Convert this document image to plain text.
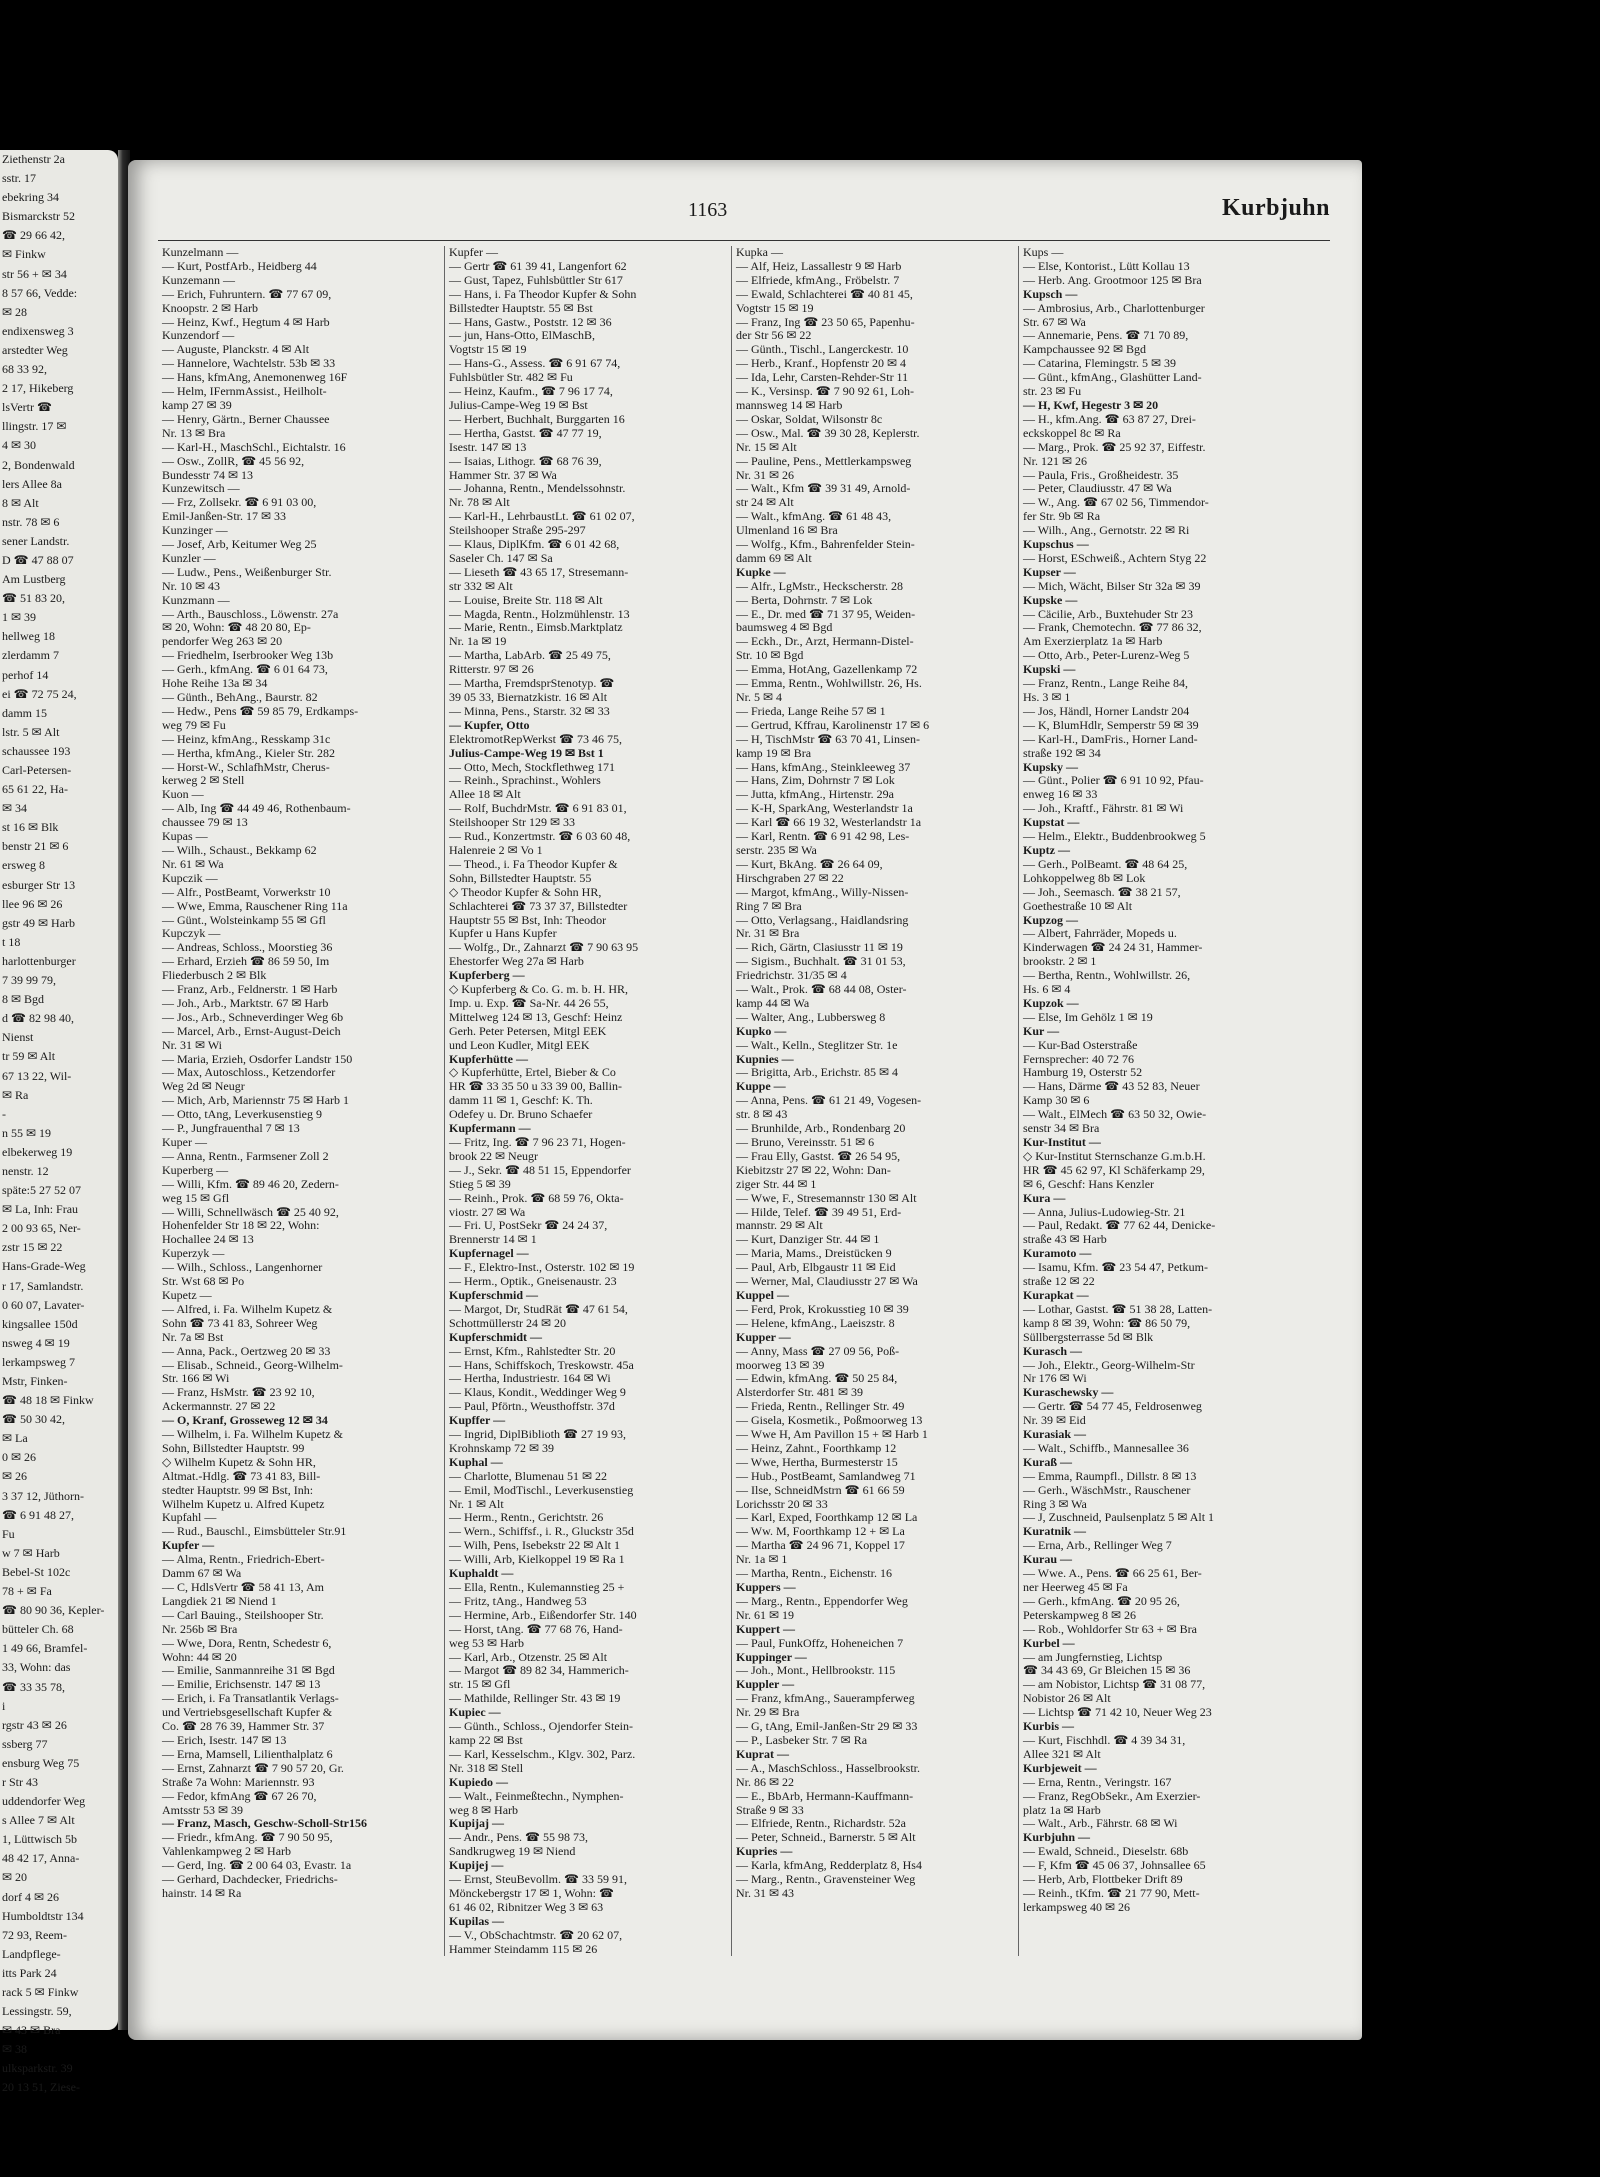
Ziethenstr 2a
sstr. 17
ebekring 34
Bismarckstr 52
☎ 29 66 42,
✉ Finkw
str 56 + ✉ 34
8 57 66, Vedde:
✉ 28
endixensweg 3
arstedter Weg
68 33 92,
2 17, Hikeberg
lsVertr ☎
llingstr. 17 ✉
4 ✉ 30
2, Bondenwald
lers Allee 8a
8 ✉ Alt
nstr. 78 ✉ 6
sener Landstr.
D ☎ 47 88 07
Am Lustberg
☎ 51 83 20,
1 ✉ 39
hellweg 18
zlerdamm 7
perhof 14
ei ☎ 72 75 24,
damm 15
lstr. 5 ✉ Alt
schaussee 193
Carl-Petersen-
65 61 22, Ha-
✉ 34
st 16 ✉ Blk
benstr 21 ✉ 6
ersweg 8
esburger Str 13
llee 96 ✉ 26
gstr 49 ✉ Harb
t 18
harlottenburger
7 39 99 79,
8 ✉ Bgd
d ☎ 82 98 40,
Nienst
tr 59 ✉ Alt
67 13 22, Wil-
✉ Ra
-
n 55 ✉ 19
elbekerweg 19
nenstr. 12
späte:5 27 52 07
✉ La, Inh: Frau
2 00 93 65, Ner-
zstr 15 ✉ 22
Hans-Grade-Weg
r 17, Samlandstr.
0 60 07, Lavater-
kingsallee 150d
nsweg 4 ✉ 19
lerkampsweg 7
Mstr, Finken-
☎ 48 18 ✉ Finkw
☎ 50 30 42,
✉ La
0 ✉ 26
✉ 26
3 37 12, Jüthorn-
☎ 6 91 48 27,
Fu
w 7 ✉ Harb
Bebel-St 102c
78 + ✉ Fa
☎ 80 90 36, Kepler-
bütteler Ch. 68
1 49 66, Bramfel-
33, Wohn: das
☎ 33 35 78,
i
rgstr 43 ✉ 26
ssberg 77
ensburg Weg 75
r Str 43
uddendorfer Weg
s Allee 7 ✉ Alt
1, Lüttwisch 5b
48 42 17, Anna-
✉ 20
dorf 4 ✉ 26
Humboldtstr 134
72 93, Reem-
Landpflege-
itts Park 24
rack 5 ✉ Finkw
Lessingstr. 59,
✉ 43 ✉ Bra
✉ 38
ulksparkstr. 39
20 13 51, Ziese-
1163	Kurbjuhn
Kunzelmann —
— Kurt, PostfArb., Heidberg 44
Kunzemann —
— Erich, Fuhruntern. ☎ 77 67 09,
Knoopstr. 2 ✉ Harb
— Heinz, Kwf., Hegtum 4 ✉ Harb
Kunzendorf —
— Auguste, Planckstr. 4 ✉ Alt
— Hannelore, Wachtelstr. 53b ✉ 33
— Hans, kfmAng, Anemonenweg 16F
— Helm, IFernmAssist., Heilholt-
kamp 27 ✉ 39
— Henry, Gärtn., Berner Chaussee
Nr. 13 ✉ Bra
— Karl-H., MaschSchl., Eichtalstr. 16
— Osw., ZollR, ☎ 45 56 92,
Bundesstr 74 ✉ 13
Kunzewitsch —
— Frz, Zollsekr. ☎ 6 91 03 00,
Emil-Janßen-Str. 17 ✉ 33
Kunzinger —
— Josef, Arb, Keitumer Weg 25
Kunzler —
— Ludw., Pens., Weißenburger Str.
Nr. 10 ✉ 43
Kunzmann —
— Arth., Bauschloss., Löwenstr. 27a
✉ 20, Wohn: ☎ 48 20 80, Ep-
pendorfer Weg 263 ✉ 20
— Friedhelm, Iserbrooker Weg 13b
— Gerh., kfmAng. ☎ 6 01 64 73,
Hohe Reihe 13a ✉ 34
— Günth., BehAng., Baurstr. 82
— Hedw., Pens ☎ 59 85 79, Erdkamps-
weg 79 ✉ Fu
— Heinz, kfmAng., Resskamp 31c
— Hertha, kfmAng., Kieler Str. 282
— Horst-W., SchlafhMstr, Cherus-
kerweg 2 ✉ Stell
Kuon —
— Alb, Ing ☎ 44 49 46, Rothenbaum-
chaussee 79 ✉ 13
Kupas —
— Wilh., Schaust., Bekkamp 62
Nr. 61 ✉ Wa
Kupczik —
— Alfr., PostBeamt, Vorwerkstr 10
— Wwe, Emma, Rauschener Ring 11a
— Günt., Wolsteinkamp 55 ✉ Gfl
Kupczyk —
— Andreas, Schloss., Moorstieg 36
— Erhard, Erzieh ☎ 86 59 50, Im
Fliederbusch 2 ✉ Blk
— Franz, Arb., Feldnerstr. 1 ✉ Harb
— Joh., Arb., Marktstr. 67 ✉ Harb
— Jos., Arb., Schneverdinger Weg 6b
— Marcel, Arb., Ernst-August-Deich
Nr. 31 ✉ Wi
— Maria, Erzieh, Osdorfer Landstr 150
— Max, Autoschloss., Ketzendorfer
Weg 2d ✉ Neugr
— Mich, Arb, Mariennstr 75 ✉ Harb 1
— Otto, tAng, Leverkusenstieg 9
— P., Jungfrauenthal 7 ✉ 13
Kuper —
— Anna, Rentn., Farmsener Zoll 2
Kuperberg —
— Willi, Kfm. ☎ 89 46 20, Zedern-
weg 15 ✉ Gfl
— Willi, Schnellwäsch ☎ 25 40 92,
Hohenfelder Str 18 ✉ 22, Wohn:
Hochallee 24 ✉ 13
Kuperzyk —
— Wilh., Schloss., Langenhorner
Str. Wst 68 ✉ Po
Kupetz —
— Alfred, i. Fa. Wilhelm Kupetz &
Sohn ☎ 73 41 83, Sohreer Weg
Nr. 7a ✉ Bst
— Anna, Pack., Oertzweg 20 ✉ 33
— Elisab., Schneid., Georg-Wilhelm-
Str. 166 ✉ Wi
— Franz, HsMstr. ☎ 23 92 10,
Ackermannstr. 27 ✉ 22
— O, Kranf, Grosseweg 12 ✉ 34
— Wilhelm, i. Fa. Wilhelm Kupetz &
Sohn, Billstedter Hauptstr. 99
◇ Wilhelm Kupetz & Sohn HR,
Altmat.-Hdlg. ☎ 73 41 83, Bill-
stedter Hauptstr. 99 ✉ Bst, Inh:
Wilhelm Kupetz u. Alfred Kupetz
Kupfahl —
— Rud., Bauschl., Eimsbütteler Str.91
Kupfer —
— Alma, Rentn., Friedrich-Ebert-
Damm 67 ✉ Wa
— C, HdlsVertr ☎ 58 41 13, Am
Langdiek 21 ✉ Niend 1
— Carl Bauing., Steilshooper Str.
Nr. 256b ✉ Bra
— Wwe, Dora, Rentn, Schedestr 6,
Wohn: 44 ✉ 20
— Emilie, Sanmannreihe 31 ✉ Bgd
— Emilie, Erichsenstr. 147 ✉ 13
— Erich, i. Fa Transatlantik Verlags-
und Vertriebsgesellschaft Kupfer &
Co. ☎ 28 76 39, Hammer Str. 37
— Erich, Isestr. 147 ✉ 13
— Erna, Mamsell, Lilienthalplatz 6
— Ernst, Zahnarzt ☎ 7 90 57 20, Gr.
Straße 7a Wohn: Mariennstr. 93
— Fedor, kfmAng ☎ 67 26 70,
Amtsstr 53 ✉ 39
— Franz, Masch, Geschw-Scholl-Str156
— Friedr., kfmAng. ☎ 7 90 50 95,
Vahlenkampweg 2 ✉ Harb
— Gerd, Ing. ☎ 2 00 64 03, Evastr. 1a
— Gerhard, Dachdecker, Friedrichs-
hainstr. 14 ✉ Ra
Kupfer —
— Gertr ☎ 61 39 41, Langenfort 62
— Gust, Tapez, Fuhlsbüttler Str 617
— Hans, i. Fa Theodor Kupfer & Sohn
Billstedter Hauptstr. 55 ✉ Bst
— Hans, Gastw., Poststr. 12 ✉ 36
— jun, Hans-Otto, ElMaschB,
Vogtstr 15 ✉ 19
— Hans-G., Assess. ☎ 6 91 67 74,
Fuhlsbütler Str. 482 ✉ Fu
— Heinz, Kaufm., ☎ 7 96 17 74,
Julius-Campe-Weg 19 ✉ Bst
— Herbert, Buchhalt, Burggarten 16
— Hertha, Gastst. ☎ 47 77 19,
Isestr. 147 ✉ 13
— Isaias, Lithogr. ☎ 68 76 39,
Hammer Str. 37 ✉ Wa
— Johanna, Rentn., Mendelssohnstr.
Nr. 78 ✉ Alt
— Karl-H., LehrbaustLt. ☎ 61 02 07,
Steilshooper Straße 295-297
— Klaus, DiplKfm. ☎ 6 01 42 68,
Saseler Ch. 147 ✉ Sa
— Lieseth ☎ 43 65 17, Stresemann-
str 332 ✉ Alt
— Louise, Breite Str. 118 ✉ Alt
— Magda, Rentn., Holzmühlenstr. 13
— Marie, Rentn., Eimsb.Marktplatz
Nr. 1a ✉ 19
— Martha, LabArb. ☎ 25 49 75,
Ritterstr. 97 ✉ 26
— Martha, FremdsprStenotyp. ☎
39 05 33, Biernatzkistr. 16 ✉ Alt
— Minna, Pens., Starstr. 32 ✉ 33
— Kupfer, Otto
ElektromotRepWerkst ☎ 73 46 75,
Julius-Campe-Weg 19 ✉ Bst 1
— Otto, Mech, Stockflethweg 171
— Reinh., Sprachinst., Wohlers
Allee 18 ✉ Alt
— Rolf, BuchdrMstr. ☎ 6 91 83 01,
Steilshooper Str 129 ✉ 33
— Rud., Konzertmstr. ☎ 6 03 60 48,
Halenreie 2 ✉ Vo 1
— Theod., i. Fa Theodor Kupfer &
Sohn, Billstedter Hauptstr. 55
◇ Theodor Kupfer & Sohn HR,
Schlachterei ☎ 73 37 37, Billstedter
Hauptstr 55 ✉ Bst, Inh: Theodor
Kupfer u Hans Kupfer
— Wolfg., Dr., Zahnarzt ☎ 7 90 63 95
Ehestorfer Weg 27a ✉ Harb
Kupferberg —
◇ Kupferberg & Co. G. m. b. H. HR,
Imp. u. Exp. ☎ Sa-Nr. 44 26 55,
Mittelweg 124 ✉ 13, Geschf: Heinz
Gerh. Peter Petersen, Mitgl EEK
und Leon Kudler, Mitgl EEK
Kupferhütte —
◇ Kupferhütte, Ertel, Bieber & Co
HR ☎ 33 35 50 u 33 39 00, Ballin-
damm 11 ✉ 1, Geschf: K. Th.
Odefey u. Dr. Bruno Schaefer
Kupfermann —
— Fritz, Ing. ☎ 7 96 23 71, Hogen-
brook 22 ✉ Neugr
— J., Sekr. ☎ 48 51 15, Eppendorfer
Stieg 5 ✉ 39
— Reinh., Prok. ☎ 68 59 76, Okta-
viostr. 27 ✉ Wa
— Fri. U, PostSekr ☎ 24 24 37,
Brennerstr 14 ✉ 1
Kupfernagel —
— F., Elektro-Inst., Osterstr. 102 ✉ 19
— Herm., Optik., Gneisenaustr. 23
Kupferschmid —
— Margot, Dr, StudRät ☎ 47 61 54,
Schottmüllerstr 24 ✉ 20
Kupferschmidt —
— Ernst, Kfm., Rahlstedter Str. 20
— Hans, Schiffskoch, Treskowstr. 45a
— Hertha, Industriestr. 164 ✉ Wi
— Klaus, Kondit., Weddinger Weg 9
— Paul, Pförtn., Weusthoffstr. 37d
Kupffer —
— Ingrid, DiplBiblioth ☎ 27 19 93,
Krohnskamp 72 ✉ 39
Kuphal —
— Charlotte, Blumenau 51 ✉ 22
— Emil, ModTischl., Leverkusenstieg
Nr. 1 ✉ Alt
— Herm., Rentn., Gerichtstr. 26
— Wern., Schiffsf., i. R., Gluckstr 35d
— Wilh, Pens, Isebekstr 22 ✉ Alt 1
— Willi, Arb, Kielkoppel 19 ✉ Ra 1
Kuphaldt —
— Ella, Rentn., Kulemannstieg 25 +
— Fritz, tAng., Handweg 53
— Hermine, Arb., Eißendorfer Str. 140
— Horst, tAng. ☎ 77 68 76, Hand-
weg 53 ✉ Harb
— Karl, Arb., Otzenstr. 25 ✉ Alt
— Margot ☎ 89 82 34, Hammerich-
str. 15 ✉ Gfl
— Mathilde, Rellinger Str. 43 ✉ 19
Kupiec —
— Günth., Schloss., Ojendorfer Stein-
kamp 22 ✉ Bst
— Karl, Kesselschm., Klgv. 302, Parz.
Nr. 318 ✉ Stell
Kupiedo —
— Walt., Feinmeßtechn., Nymphen-
weg 8 ✉ Harb
Kupijaj —
— Andr., Pens. ☎ 55 98 73,
Sandkrugweg 19 ✉ Niend
Kupijej —
— Ernst, SteuBevollm. ☎ 33 59 91,
Mönckebergstr 17 ✉ 1, Wohn: ☎
61 46 02, Ribnitzer Weg 3 ✉ 63
Kupilas —
— V., ObSchachtmstr. ☎ 20 62 07,
Hammer Steindamm 115 ✉ 26
Kupka —
— Alf, Heiz, Lassallestr 9 ✉ Harb
— Elfriede, kfmAng., Fröbelstr. 7
— Ewald, Schlachterei ☎ 40 81 45,
Vogtstr 15 ✉ 19
— Franz, Ing ☎ 23 50 65, Papenhu-
der Str 56 ✉ 22
— Günth., Tischl., Langerckestr. 10
— Herb., Kranf., Hopfenstr 20 ✉ 4
— Ida, Lehr, Carsten-Rehder-Str 11
— K., Versinsp. ☎ 7 90 92 61, Loh-
mannsweg 14 ✉ Harb
— Oskar, Soldat, Wilsonstr 8c
— Osw., Mal. ☎ 39 30 28, Keplerstr.
Nr. 15 ✉ Alt
— Pauline, Pens., Mettlerkampsweg
Nr. 31 ✉ 26
— Walt., Kfm ☎ 39 31 49, Arnold-
str 24 ✉ Alt
— Walt., kfmAng. ☎ 61 48 43,
Ulmenland 16 ✉ Bra
— Wolfg., Kfm., Bahrenfelder Stein-
damm 69 ✉ Alt
Kupke —
— Alfr., LgMstr., Heckscherstr. 28
— Berta, Dohrnstr. 7 ✉ Lok
— E., Dr. med ☎ 71 37 95, Weiden-
baumsweg 4 ✉ Bgd
— Eckh., Dr., Arzt, Hermann-Distel-
Str. 10 ✉ Bgd
— Emma, HotAng, Gazellenkamp 72
— Emma, Rentn., Wohlwillstr. 26, Hs.
Nr. 5 ✉ 4
— Frieda, Lange Reihe 57 ✉ 1
— Gertrud, Kffrau, Karolinenstr 17 ✉ 6
— H, TischMstr ☎ 63 70 41, Linsen-
kamp 19 ✉ Bra
— Hans, kfmAng., Steinkleeweg 37
— Hans, Zim, Dohrnstr 7 ✉ Lok
— Jutta, kfmAng., Hirtenstr. 29a
— K-H, SparkAng, Westerlandstr 1a
— Karl ☎ 66 19 32, Westerlandstr 1a
— Karl, Rentn. ☎ 6 91 42 98, Les-
serstr. 235 ✉ Wa
— Kurt, BkAng. ☎ 26 64 09,
Hirschgraben 27 ✉ 22
— Margot, kfmAng., Willy-Nissen-
Ring 7 ✉ Bra
— Otto, Verlagsang., Haidlandsring
Nr. 31 ✉ Bra
— Rich, Gärtn, Clasiusstr 11 ✉ 19
— Sigism., Buchhalt. ☎ 31 01 53,
Friedrichstr. 31/35 ✉ 4
— Walt., Prok. ☎ 68 44 08, Oster-
kamp 44 ✉ Wa
— Walter, Ang., Lubbersweg 8
Kupko —
— Walt., Kelln., Steglitzer Str. 1e
Kupnies —
— Brigitta, Arb., Erichstr. 85 ✉ 4
Kuppe —
— Anna, Pens. ☎ 61 21 49, Vogesen-
str. 8 ✉ 43
— Brunhilde, Arb., Rondenbarg 20
— Bruno, Vereinsstr. 51 ✉ 6
— Frau Elly, Gastst. ☎ 26 54 95,
Kiebitzstr 27 ✉ 22, Wohn: Dan-
ziger Str. 44 ✉ 1
— Wwe, F., Stresemannstr 130 ✉ Alt
— Hilde, Telef. ☎ 39 49 51, Erd-
mannstr. 29 ✉ Alt
— Kurt, Danziger Str. 44 ✉ 1
— Maria, Mams., Dreistücken 9
— Paul, Arb, Elbgaustr 11 ✉ Eid
— Werner, Mal, Claudiusstr 27 ✉ Wa
Kuppel —
— Ferd, Prok, Krokusstieg 10 ✉ 39
— Helene, kfmAng., Laeiszstr. 8
Kupper —
— Anny, Mass ☎ 27 09 56, Poß-
moorweg 13 ✉ 39
— Edwin, kfmAng. ☎ 50 25 84,
Alsterdorfer Str. 481 ✉ 39
— Frieda, Rentn., Rellinger Str. 49
— Gisela, Kosmetik., Poßmoorweg 13
— Wwe H, Am Pavillon 15 + ✉ Harb 1
— Heinz, Zahnt., Foorthkamp 12
— Wwe, Hertha, Burmesterstr 15
— Hub., PostBeamt, Samlandweg 71
— Ilse, SchneidMstrn ☎ 61 66 59
Lorichsstr 20 ✉ 33
— Karl, Exped, Foorthkamp 12 ✉ La
— Ww. M, Foorthkamp 12 + ✉ La
— Martha ☎ 24 96 71, Koppel 17
Nr. 1a ✉ 1
— Martha, Rentn., Eichenstr. 16
Kuppers —
— Marg., Rentn., Eppendorfer Weg
Nr. 61 ✉ 19
Kuppert —
— Paul, FunkOffz, Hoheneichen 7
Kuppinger —
— Joh., Mont., Hellbrookstr. 115
Kuppler —
— Franz, kfmAng., Sauerampferweg
Nr. 29 ✉ Bra
— G, tAng, Emil-Janßen-Str 29 ✉ 33
— P., Lasbeker Str. 7 ✉ Ra
Kuprat —
— A., MaschSchloss., Hasselbrookstr.
Nr. 86 ✉ 22
— E., BbArb, Hermann-Kauffmann-
Straße 9 ✉ 33
— Elfriede, Rentn., Richardstr. 52a
— Peter, Schneid., Barnerstr. 5 ✉ Alt
Kupries —
— Karla, kfmAng, Redderplatz 8, Hs4
— Marg., Rentn., Gravensteiner Weg
Nr. 31 ✉ 43
Kups —
— Else, Kontorist., Lütt Kollau 13
— Herb. Ang. Grootmoor 125 ✉ Bra
Kupsch —
— Ambrosius, Arb., Charlottenburger
Str. 67 ✉ Wa
— Annemarie, Pens. ☎ 71 70 89,
Kampchaussee 92 ✉ Bgd
— Catarina, Flemingstr. 5 ✉ 39
— Günt., kfmAng., Glashütter Land-
str. 23 ✉ Fu
— H, Kwf, Hegestr 3 ✉ 20
— H., kfm.Ang. ☎ 63 87 27, Drei-
eckskoppel 8c ✉ Ra
— Marg., Prok. ☎ 25 92 37, Eiffestr.
Nr. 121 ✉ 26
— Paula, Fris., Großheidestr. 35
— Peter, Claudiusstr. 47 ✉ Wa
— W., Ang. ☎ 67 02 56, Timmendor-
fer Str. 9b ✉ Ra
— Wilh., Ang., Gernotstr. 22 ✉ Ri
Kupschus —
— Horst, ESchweiß., Achtern Styg 22
Kupser —
— Mich, Wächt, Bilser Str 32a ✉ 39
Kupske —
— Cäcilie, Arb., Buxtehuder Str 23
— Frank, Chemotechn. ☎ 77 86 32,
Am Exerzierplatz 1a ✉ Harb
— Otto, Arb., Peter-Lurenz-Weg 5
Kupski —
— Franz, Rentn., Lange Reihe 84,
Hs. 3 ✉ 1
— Jos, Händl, Horner Landstr 204
— K, BlumHdlr, Semperstr 59 ✉ 39
— Karl-H., DamFris., Horner Land-
straße 192 ✉ 34
Kupsky —
— Günt., Polier ☎ 6 91 10 92, Pfau-
enweg 16 ✉ 33
— Joh., Kraftf., Fährstr. 81 ✉ Wi
Kupstat —
— Helm., Elektr., Buddenbrookweg 5
Kuptz —
— Gerh., PolBeamt. ☎ 48 64 25,
Lohkoppelweg 8b ✉ Lok
— Joh., Seemasch. ☎ 38 21 57,
Goethestraße 10 ✉ Alt
Kupzog —
— Albert, Fahrräder, Mopeds u.
Kinderwagen ☎ 24 24 31, Hammer-
brookstr. 2 ✉ 1
— Bertha, Rentn., Wohlwillstr. 26,
Hs. 6 ✉ 4
Kupzok —
— Else, Im Gehölz 1 ✉ 19
Kur —
— Kur-Bad Osterstraße
Fernsprecher: 40 72 76
Hamburg 19, Osterstr 52
— Hans, Därme ☎ 43 52 83, Neuer
Kamp 30 ✉ 6
— Walt., ElMech ☎ 63 50 32, Owie-
senstr 34 ✉ Bra
Kur-Institut —
◇ Kur-Institut Sternschanze G.m.b.H.
HR ☎ 45 62 97, Kl Schäferkamp 29,
✉ 6, Geschf: Hans Kenzler
Kura —
— Anna, Julius-Ludowieg-Str. 21
— Paul, Redakt. ☎ 77 62 44, Denicke-
straße 43 ✉ Harb
Kuramoto —
— Isamu, Kfm. ☎ 23 54 47, Petkum-
straße 12 ✉ 22
Kurapkat —
— Lothar, Gastst. ☎ 51 38 28, Latten-
kamp 8 ✉ 39, Wohn: ☎ 86 50 79,
Süllbergsterrasse 5d ✉ Blk
Kurasch —
— Joh., Elektr., Georg-Wilhelm-Str
Nr 176 ✉ Wi
Kuraschewsky —
— Gertr. ☎ 54 77 45, Feldrosenweg
Nr. 39 ✉ Eid
Kurasiak —
— Walt., Schiffb., Mannesallee 36
Kuraß —
— Emma, Raumpfl., Dillstr. 8 ✉ 13
— Gerh., WäschMstr., Rauschener
Ring 3 ✉ Wa
— J, Zuschneid, Paulsenplatz 5 ✉ Alt 1
Kuratnik —
— Erna, Arb., Rellinger Weg 7
Kurau —
— Wwe. A., Pens. ☎ 66 25 61, Ber-
ner Heerweg 45 ✉ Fa
— Gerh., kfmAng. ☎ 20 95 26,
Peterskampweg 8 ✉ 26
— Rob., Wohldorfer Str 63 + ✉ Bra
Kurbel —
— am Jungfernstieg, Lichtsp
☎ 34 43 69, Gr Bleichen 15 ✉ 36
— am Nobistor, Lichtsp ☎ 31 08 77,
Nobistor 26 ✉ Alt
— Lichtsp ☎ 71 42 10, Neuer Weg 23
Kurbis —
— Kurt, Fischhdl. ☎ 4 39 34 31,
Allee 321 ✉ Alt
Kurbjeweit —
— Erna, Rentn., Veringstr. 167
— Franz, RegObSekr., Am Exerzier-
platz 1a ✉ Harb
— Walt., Arb., Fährstr. 68 ✉ Wi
Kurbjuhn —
— Ewald, Schneid., Dieselstr. 68b
— F, Kfm ☎ 45 06 37, Johnsallee 65
— Herb, Arb, Flottbeker Drift 89
— Reinh., tKfm. ☎ 21 77 90, Mett-
lerkampsweg 40 ✉ 26
